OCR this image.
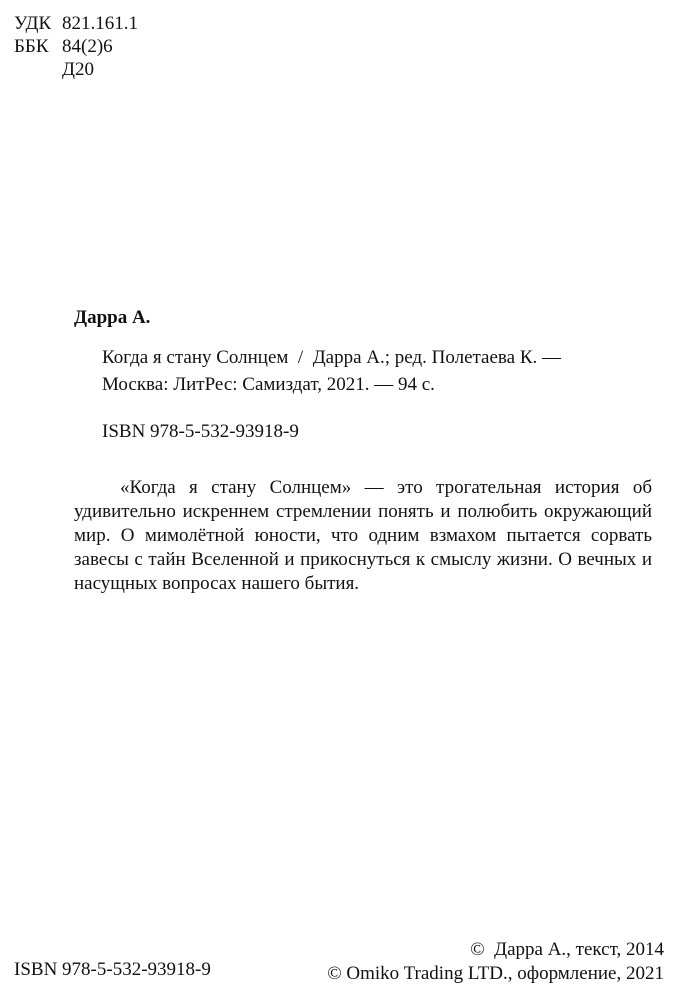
УДК 821.161.1
ББК 84(2)6
Д20
Дарра А.
Когда я стану Солнцем  /  Дарра А.; ред. Полетаева К. —
Москва: ЛитРес: Самиздат, 2021. — 94 с.
ISBN 978-5-532-93918-9

«Когда я стану Солнцем» — это трогательная история об удивительно искреннем стремлении понять и полюбить окружающий мир. О мимолётной юности, что одним взмахом пытается сорвать завесы с тайн Вселенной и прикоснуться к смыслу жизни. О вечных и насущных вопросах нашего бытия.

ISBN 978-5-532-93918-9
©  Дарра А., текст, 2014
© Omiko Trading LTD., оформление, 2021
